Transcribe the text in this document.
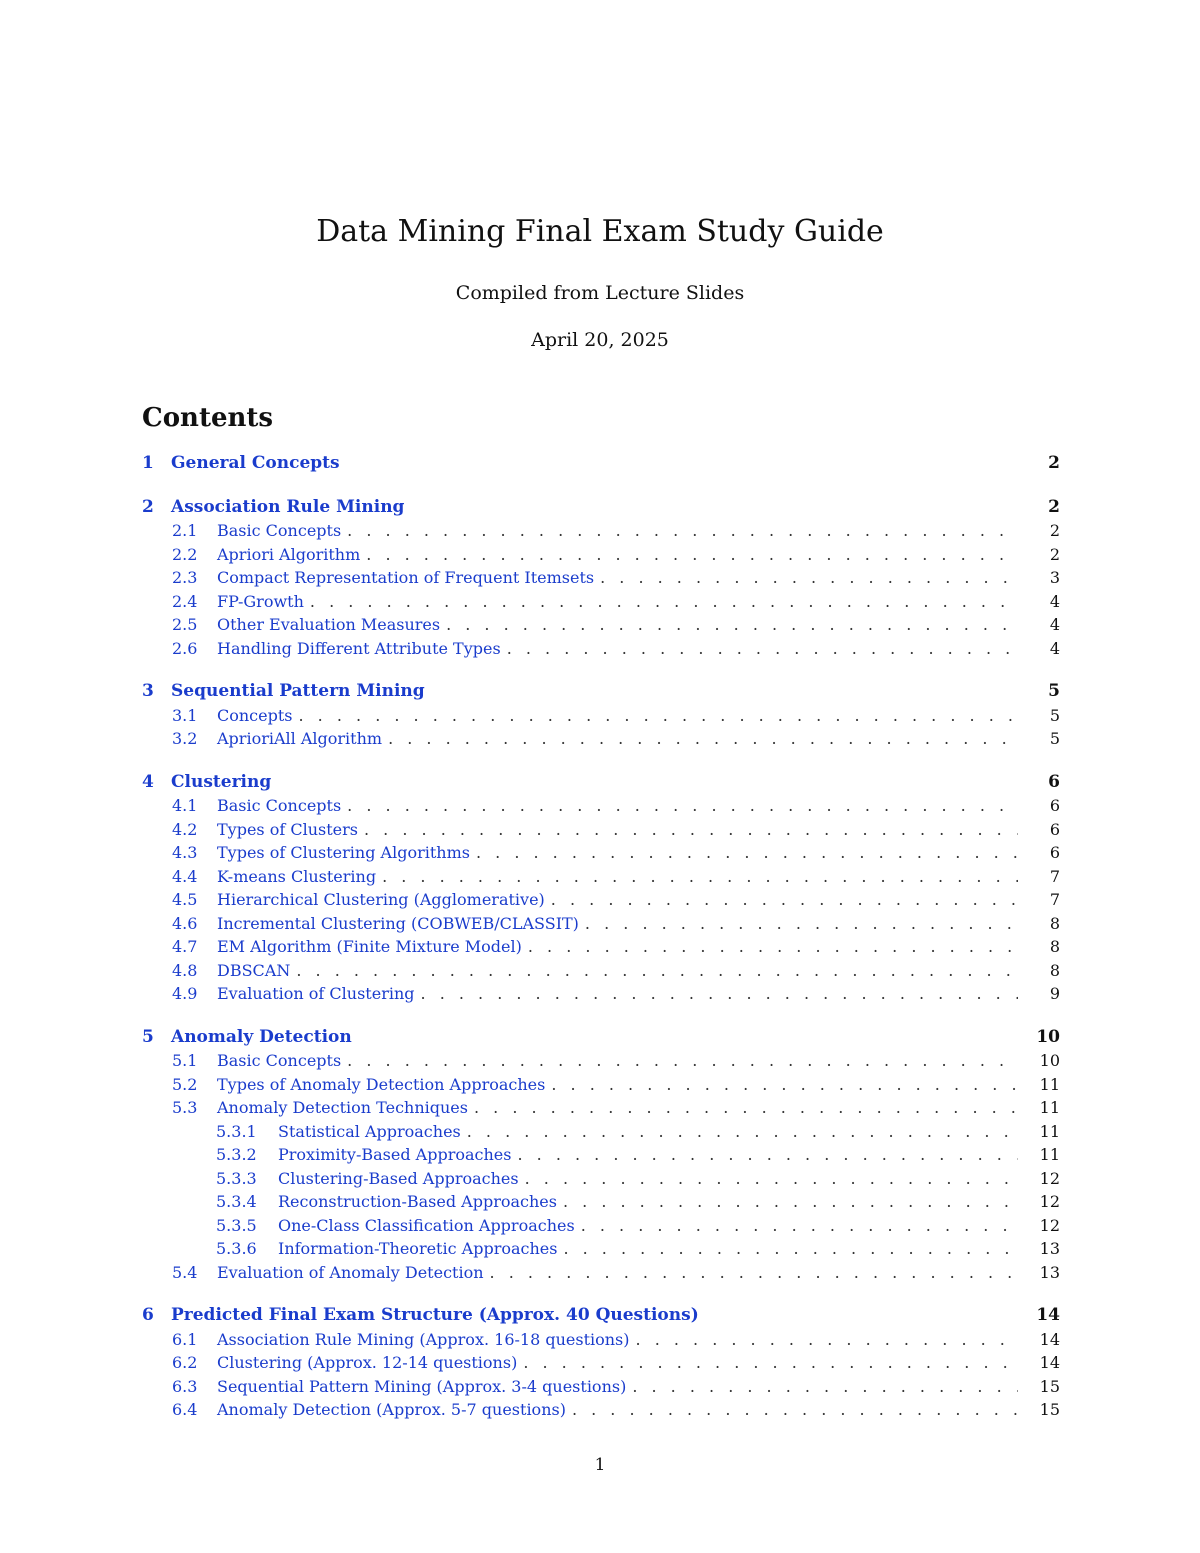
Data Mining Final Exam Study Guide
Compiled from Lecture Slides
April 20, 2025
Contents
1	General Concepts	2
2	Association Rule Mining	2
2.1	Basic Concepts . . .	2
2.2	Apriori Algorithm . . .	2
2.3	Compact Representation of Frequent Itemsets . . .	3
2.4	FP-Growth . . .	4
2.5	Other Evaluation Measures . . .	4
2.6	Handling Different Attribute Types . . .	4
3	Sequential Pattern Mining	5
3.1	Concepts . . .	5
3.2	AprioriAll Algorithm . . .	5
4	Clustering	6
4.1	Basic Concepts . . .	6
4.2	Types of Clusters . . .	6
4.3	Types of Clustering Algorithms . . .	6
4.4	K-means Clustering . . .	7
4.5	Hierarchical Clustering (Agglomerative) . . .	7
4.6	Incremental Clustering (COBWEB/CLASSIT) . . .	8
4.7	EM Algorithm (Finite Mixture Model) . . .	8
4.8	DBSCAN . . .	8
4.9	Evaluation of Clustering . . .	9
5	Anomaly Detection	10
5.1	Basic Concepts . . .	10
5.2	Types of Anomaly Detection Approaches . . .	11
5.3	Anomaly Detection Techniques . . .	11
5.3.1	Statistical Approaches . . .	11
5.3.2	Proximity-Based Approaches . . .	11
5.3.3	Clustering-Based Approaches . . .	12
5.3.4	Reconstruction-Based Approaches . . .	12
5.3.5	One-Class Classification Approaches . . .	12
5.3.6	Information-Theoretic Approaches . . .	13
5.4	Evaluation of Anomaly Detection . . .	13
6	Predicted Final Exam Structure (Approx. 40 Questions)	14
6.1	Association Rule Mining (Approx. 16-18 questions) . . .	14
6.2	Clustering (Approx. 12-14 questions) . . .	14
6.3	Sequential Pattern Mining (Approx. 3-4 questions) . . .	15
6.4	Anomaly Detection (Approx. 5-7 questions) . . .	15
1
